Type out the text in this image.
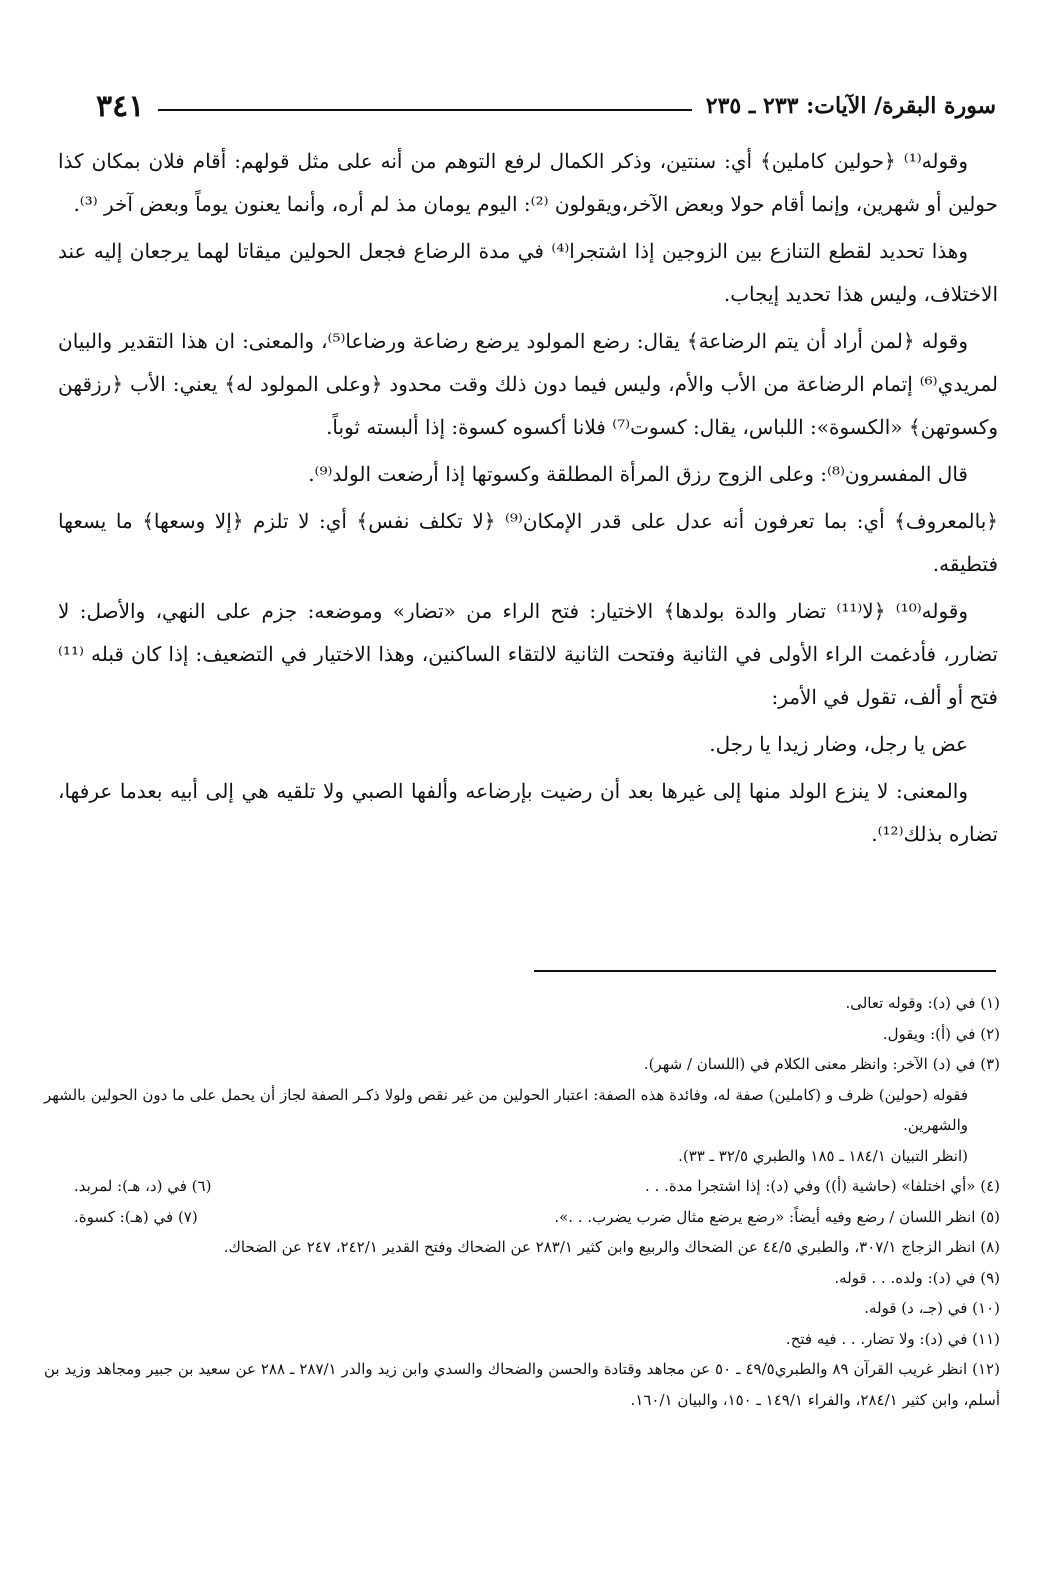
سورة البقرة/ الآيات: ٢٣٣ ـ ٢٣٥
٣٤١

وقوله⁽¹⁾ ﴿حولين كاملين﴾ أي: سنتين، وذكر الكمال لرفع التوهم من أنه على مثل قولهم: أقام فلان بمكان كذا حولين أو شهرين، وإنما أقام حولا وبعض الآخر،ويقولون ⁽²⁾: اليوم يومان مذ لم أره، وأنما يعنون يوماً وبعض آخر ⁽³⁾.

وهذا تحديد لقطع التنازع بين الزوجين إذا اشتجرا⁽⁴⁾ في مدة الرضاع فجعل الحولين ميقاتا لهما يرجعان إليه عند الاختلاف، وليس هذا تحديد إيجاب.

وقوله ﴿لمن أراد أن يتم الرضاعة﴾ يقال: رضع المولود يرضع رضاعة ورضاعا⁽⁵⁾، والمعنى: ان هذا التقدير والبيان لمريدي⁽⁶⁾ إتمام الرضاعة من الأب والأم، وليس فيما دون ذلك وقت محدود ﴿وعلى المولود له﴾ يعني: الأب ﴿رزقهن وكسوتهن﴾ «الكسوة»: اللباس، يقال: كسوت⁽⁷⁾ فلانا أكسوه كسوة: إذا ألبسته ثوباً.

قال المفسرون⁽⁸⁾: وعلى الزوج رزق المرأة المطلقة وكسوتها إذا أرضعت الولد⁽⁹⁾.

﴿بالمعروف﴾ أي: بما تعرفون أنه عدل على قدر الإمكان⁽⁹⁾ ﴿لا تكلف نفس﴾ أي: لا تلزم ﴿إلا وسعها﴾ ما يسعها فتطيقه.

وقوله⁽¹⁰⁾ ﴿لا⁽¹¹⁾ تضار والدة بولدها﴾ الاختيار: فتح الراء من «تضار» وموضعه: جزم على النهي، والأصل: لا تضارر، فأدغمت الراء الأولى في الثانية وفتحت الثانية لالتقاء الساكنين، وهذا الاختيار في التضعيف: إذا كان قبله ⁽¹¹⁾ فتح أو ألف، تقول في الأمر:

عض يا رجل، وضار زيدا يا رجل.

والمعنى: لا ينزع الولد منها إلى غيرها بعد أن رضيت بإرضاعه وألفها الصبي ولا تلقيه هي إلى أبيه بعدما عرفها، تضاره بذلك⁽¹²⁾.

(١) في (د): وقوله تعالى.

(٢) في (أ): ويقول.

(٣) في (د) الآخر: وانظر معنى الكلام في (اللسان / شهر).

فقوله (حولين) ظرف و (كاملين) صفة له، وفائدة هذه الصفة: اعتبار الحولين من غير نقص ولولا ذكـر الصفة لجاز أن يحمل على ما دون الحولين بالشهر والشهرين.

(انظر التبيان ١٨٤/١ ـ ١٨٥ والطبري ٣٢/٥ ـ ٣٣).

(٤) «أي اختلفا» (حاشية (أ)) وفي (د): إذا اشتجرا مدة. . .
(٦) في (د، هـ): لمربد.
(٥) انظر اللسان / رضع وفيه أيضاً: «رضع يرضع مثال ضرب يضرب. . .».
(٧) في (هـ): كسوة.

(٨) انظر الزجاج ٣٠٧/١، والطبري ٤٤/٥ عن الضحاك والربيع وابن كثير ٢٨٣/١ عن الضحاك وفتح القدير ٢٤٢/١، ٢٤٧ عن الضحاك.

(٩) في (د): ولده. . . قوله.

(١٠) في (جـ، د) قوله.

(١١) في (د): ولا تضار. . . فيه فتح.

(١٢) انظر غريب القرآن ٨٩ والطبري٤٩/٥ ـ ٥٠ عن مجاهد وقتادة والحسن والضحاك والسدي وابن زيد والدر ٢٨٧/١ ـ ٢٨٨ عن سعيد بن جبير ومجاهد وزيد بن أسلم، وابن كثير ٢٨٤/١، والفراء ١٤٩/١ ـ ١٥٠، والبيان ١٦٠/١.
